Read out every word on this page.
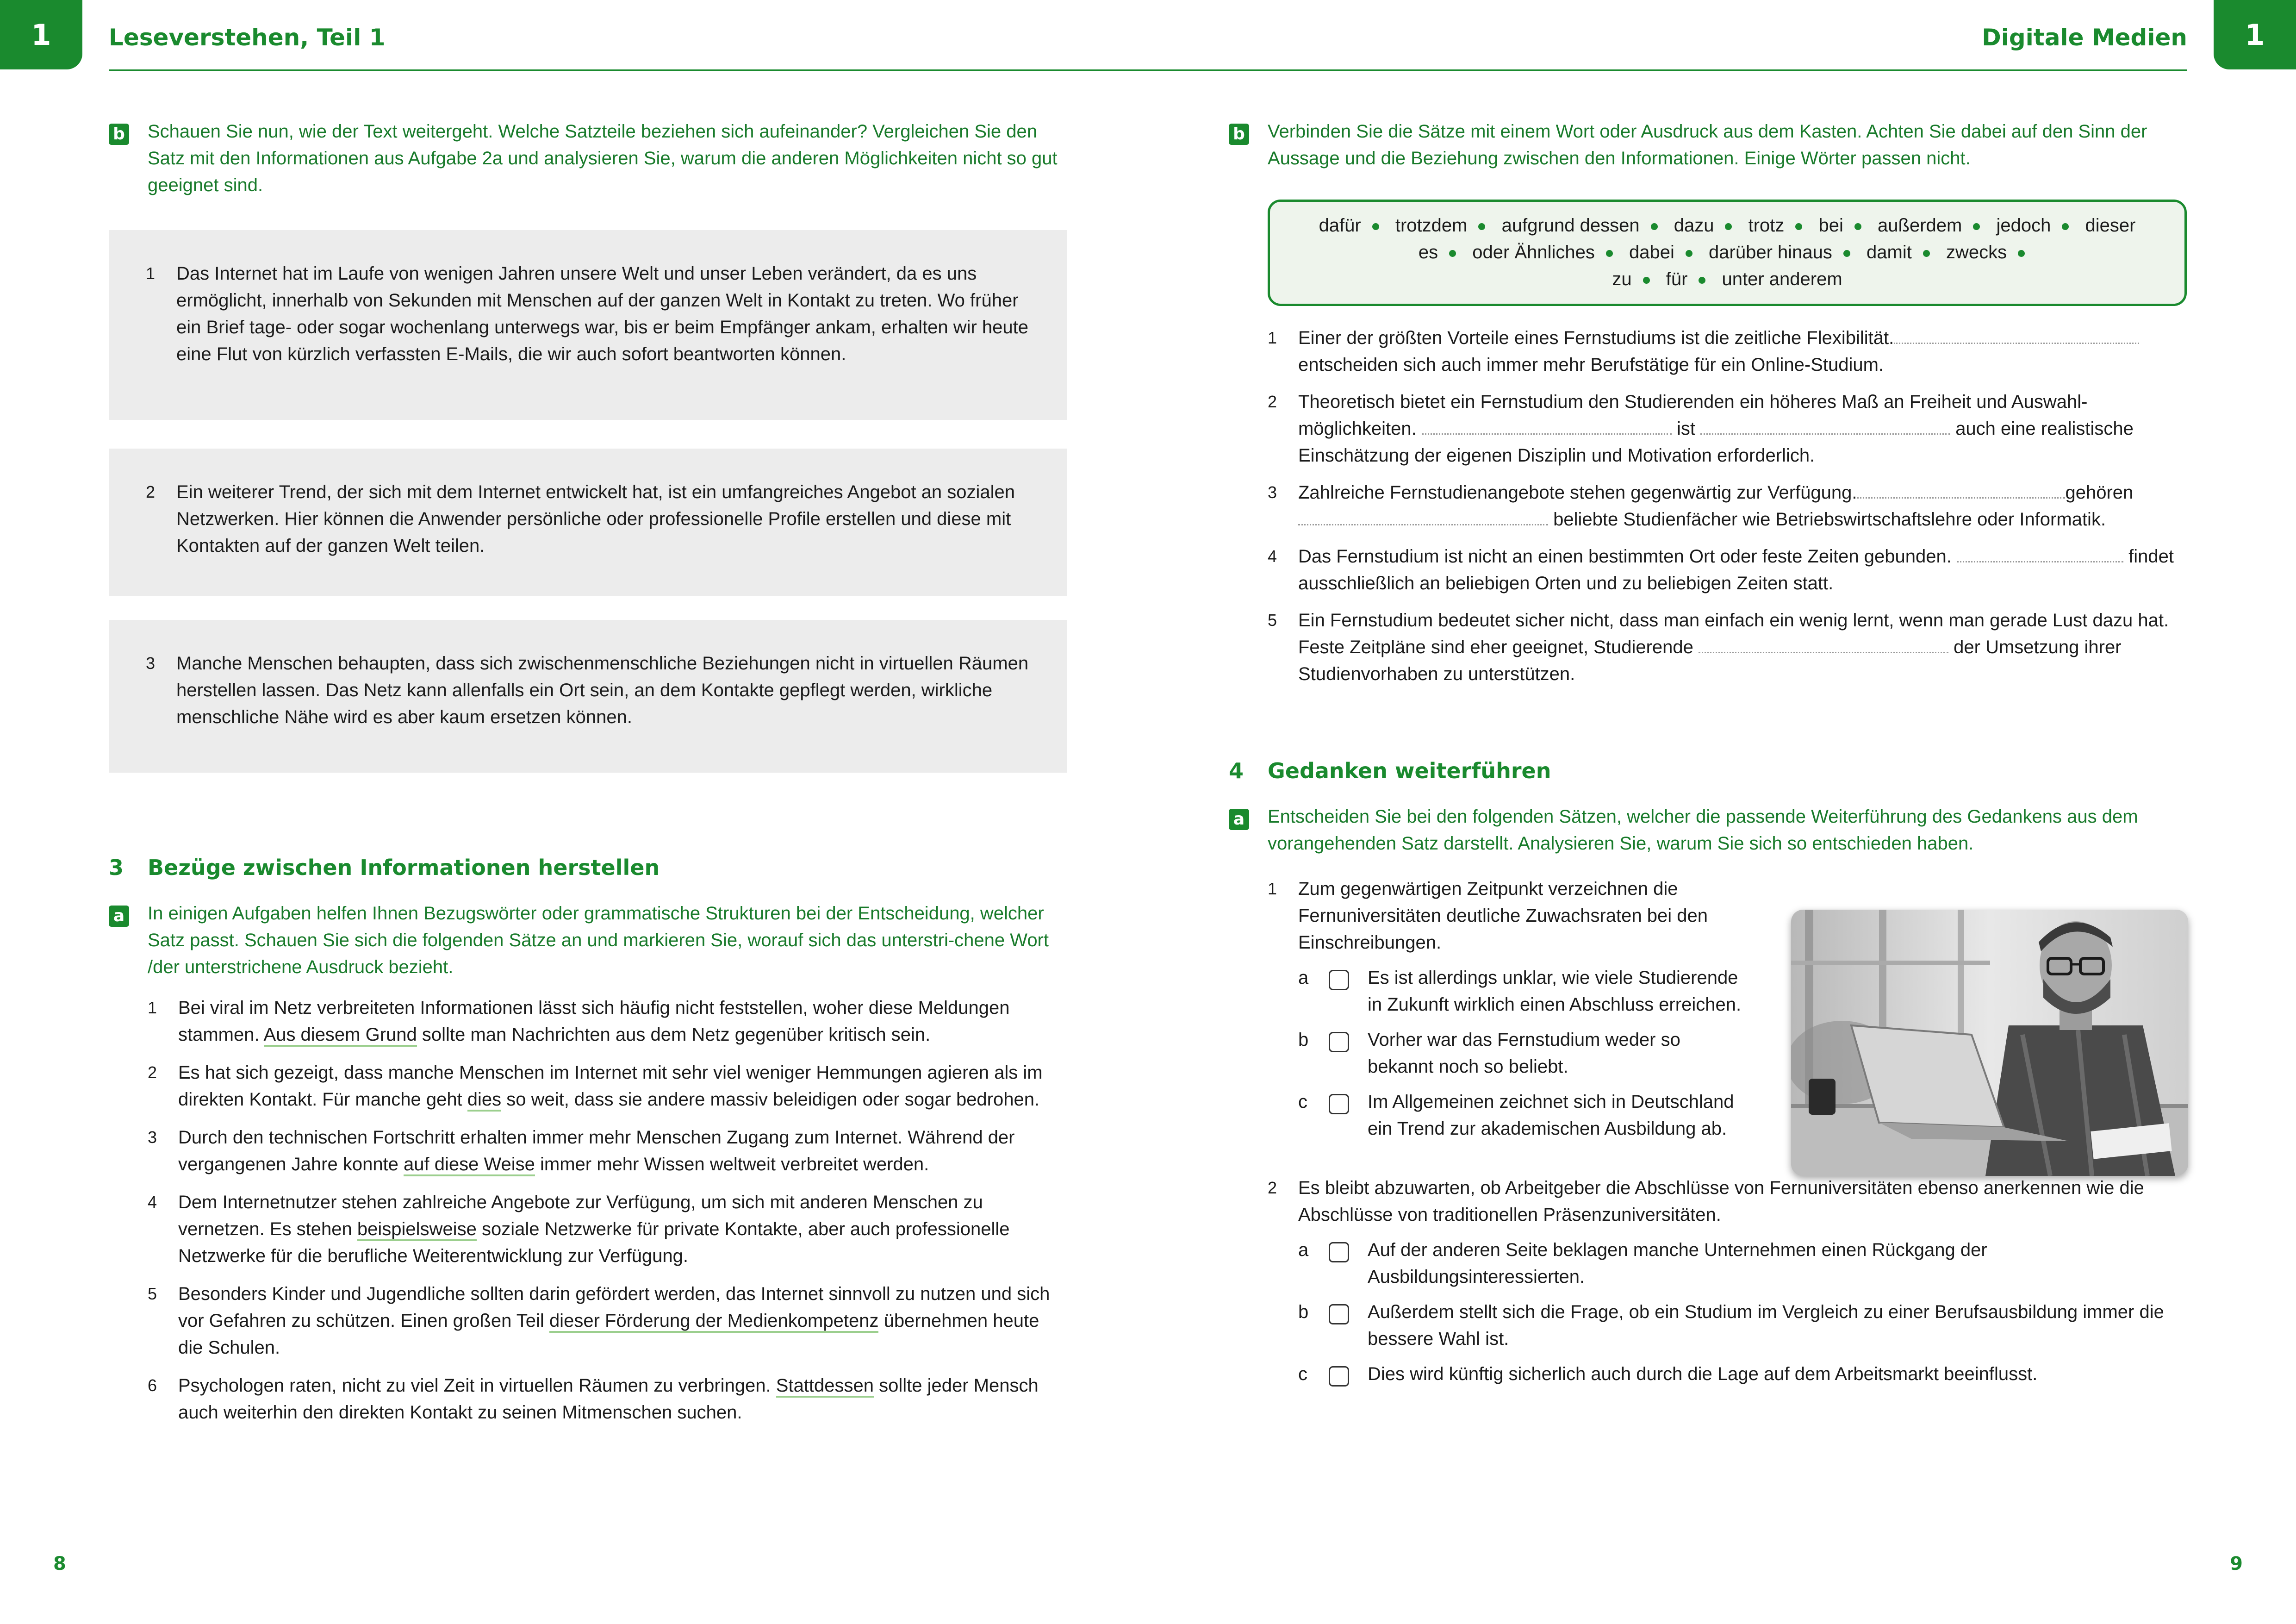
1	Leseverstehen, Teil 1	Digitale Medien	1
b Schauen Sie nun, wie der Text weitergeht. Welche Satzteile beziehen sich aufeinander? Vergleichen Sie den Satz mit den Informationen aus Aufgabe 2a und analysieren Sie, warum die anderen Möglichkeiten nicht so gut geeignet sind.
1 Das Internet hat im Laufe von wenigen Jahren unsere Welt und unser Leben verändert, da es uns ermöglicht, innerhalb von Sekunden mit Menschen auf der ganzen Welt in Kontakt zu treten. Wo früher ein Brief tage- oder sogar wochenlang unterwegs war, bis er beim Empfänger ankam, erhalten wir heute eine Flut von kürzlich verfassten E-Mails, die wir auch sofort beantworten können.
2 Ein weiterer Trend, der sich mit dem Internet entwickelt hat, ist ein umfangreiches Angebot an sozialen Netzwerken. Hier können die Anwender persönliche oder professionelle Profile erstellen und diese mit Kontakten auf der ganzen Welt teilen.
3 Manche Menschen behaupten, dass sich zwischenmenschliche Beziehungen nicht in virtuellen Räumen herstellen lassen. Das Netz kann allenfalls ein Ort sein, an dem Kontakte gepflegt werden, wirkliche menschliche Nähe wird es aber kaum ersetzen können.
3 Bezüge zwischen Informationen herstellen
a In einigen Aufgaben helfen Ihnen Bezugswörter oder grammatische Strukturen bei der Entscheidung, welcher Satz passt. Schauen Sie sich die folgenden Sätze an und markieren Sie, worauf sich das unterstri-chene Wort /der unterstrichene Ausdruck bezieht.
1 Bei viral im Netz verbreiteten Informationen lässt sich häufig nicht feststellen, woher diese Meldungen stammen. Aus diesem Grund sollte man Nachrichten aus dem Netz gegenüber kritisch sein.
2 Es hat sich gezeigt, dass manche Menschen im Internet mit sehr viel weniger Hemmungen agieren als im direkten Kontakt. Für manche geht dies so weit, dass sie andere massiv beleidigen oder sogar bedrohen.
3 Durch den technischen Fortschritt erhalten immer mehr Menschen Zugang zum Internet. Während der vergangenen Jahre konnte auf diese Weise immer mehr Wissen weltweit verbreitet werden.
4 Dem Internetnutzer stehen zahlreiche Angebote zur Verfügung, um sich mit anderen Menschen zu vernetzen. Es stehen beispielsweise soziale Netzwerke für private Kontakte, aber auch professionelle Netzwerke für die berufliche Weiterentwicklung zur Verfügung.
5 Besonders Kinder und Jugendliche sollten darin gefördert werden, das Internet sinnvoll zu nutzen und sich vor Gefahren zu schützen. Einen großen Teil dieser Förderung der Medienkompetenz übernehmen heute die Schulen.
6 Psychologen raten, nicht zu viel Zeit in virtuellen Räumen zu verbringen. Stattdessen sollte jeder Mensch auch weiterhin den direkten Kontakt zu seinen Mitmenschen suchen.
b Verbinden Sie die Sätze mit einem Wort oder Ausdruck aus dem Kasten. Achten Sie dabei auf den Sinn der Aussage und die Beziehung zwischen den Informationen. Einige Wörter passen nicht.
dafür trotzdem aufgrund dessen dazu trotz bei außerdem jedoch dieser
es oder Ähnliches dabei darüber hinaus damit zwecks
zu für unter anderem
1 Einer der größten Vorteile eines Fernstudiums ist die zeitliche Flexibilität. entscheiden sich auch immer mehr Berufstätige für ein Online-Studium.
2 Theoretisch bietet ein Fernstudium den Studierenden ein höheres Maß an Freiheit und Auswahl-möglichkeiten.	ist	auch eine realistische Einschätzung der eigenen Disziplin und Motivation erforderlich.
3 Zahlreiche Fernstudienangebote stehen gegenwärtig zur Verfügung.	gehören  beliebte Studienfächer wie Betriebswirtschaftslehre oder Informatik.
4 Das Fernstudium ist nicht an einen bestimmten Ort oder feste Zeiten gebunden.	findet ausschließlich an beliebigen Orten und zu beliebigen Zeiten statt.
5 Ein Fernstudium bedeutet sicher nicht, dass man einfach ein wenig lernt, wenn man gerade Lust dazu hat. Feste Zeitpläne sind eher geeignet, Studierende	der Umsetzung ihrer Studienvorhaben zu unterstützen.
4 Gedanken weiterführen
a Entscheiden Sie bei den folgenden Sätzen, welcher die passende Weiterführung des Gedankens aus dem vorangehenden Satz darstellt. Analysieren Sie, warum Sie sich so entschieden haben.
1 Zum gegenwärtigen Zeitpunkt verzeichnen die Fernuniversitäten deutliche Zuwachsraten bei den Einschreibungen.
a	Es ist allerdings unklar, wie viele Studierende in Zukunft wirklich einen Abschluss erreichen.
b	Vorher war das Fernstudium weder so bekannt noch so beliebt.
c	Im Allgemeinen zeichnet sich in Deutschland ein Trend zur akademischen Ausbildung ab.
2 Es bleibt abzuwarten, ob Arbeitgeber die Abschlüsse von Fernuniversitäten ebenso anerkennen wie die Abschlüsse von traditionellen Präsenzuniversitäten.
a	Auf der anderen Seite beklagen manche Unternehmen einen Rückgang der Ausbildungsinteressierten.
b	Außerdem stellt sich die Frage, ob ein Studium im Vergleich zu einer Berufsausbildung immer die bessere Wahl ist.
c	Dies wird künftig sicherlich auch durch die Lage auf dem Arbeitsmarkt beeinflusst.
8	9
